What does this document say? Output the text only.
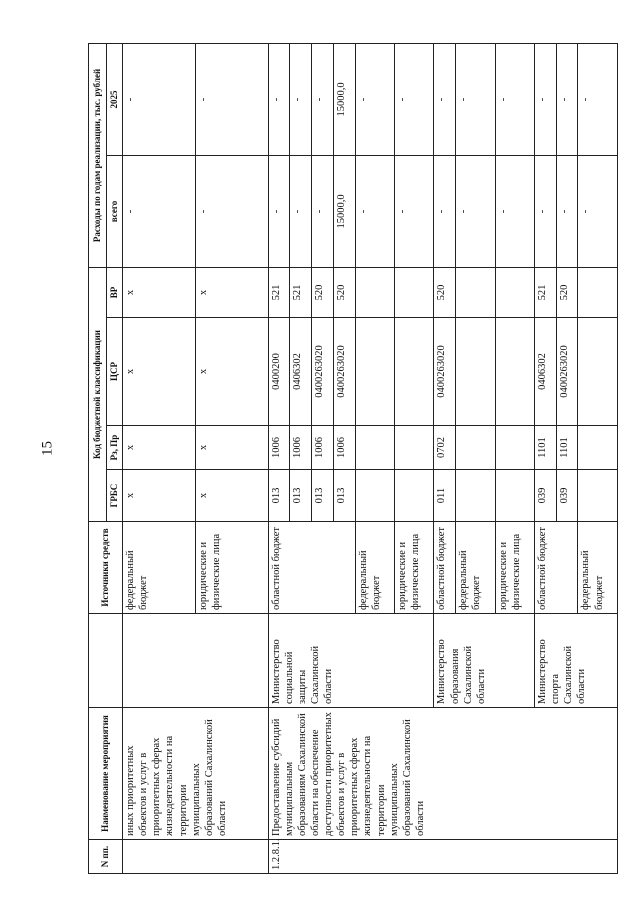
15
N пп.	Наименование мероприятия		Источники средств	Код бюджетной классификации				Расходы по годам реализации, тыс. рублей	
				ГРБС	Рз, Пр	ЦСР	ВР	всего	2025
	иных приоритетных объектов и услуг в приоритетных сферах жизнедеятельности на территории муниципальных образований Сахалинской области		федеральный бюджет	х	х	х	х	-	-
			юридические и физические лица	х	х	х	х	-	-
1.2.8.1.	Предоставление субсидий муниципальным образованиям Сахалинской области на обеспечение доступности приоритетных объектов и услуг в приоритетных сферах жизнедеятельности на территории муниципальных образований Сахалинской области	Министерство социальной защиты Сахалинской области	областной бюджет	013	1006	0400200	521	-	-
				013	1006	0406302	521	-	-
				013	1006	0400263020	520	-	-
				013	1006	0400263020	520	15000,0	15000,0
			федеральный бюджет					-	-
			юридические и физические лица					-	-
		Министерство образования Сахалинской области	областной бюджет	011	0702	0400263020	520	-	-
			федеральный бюджет					-	-
			юридические и физические лица					-	-
		Министерство спорта Сахалинской области	областной бюджет	039	1101	0406302	521	-	-
				039	1101	0400263020	520	-	-
			федеральный бюджет					-	-
